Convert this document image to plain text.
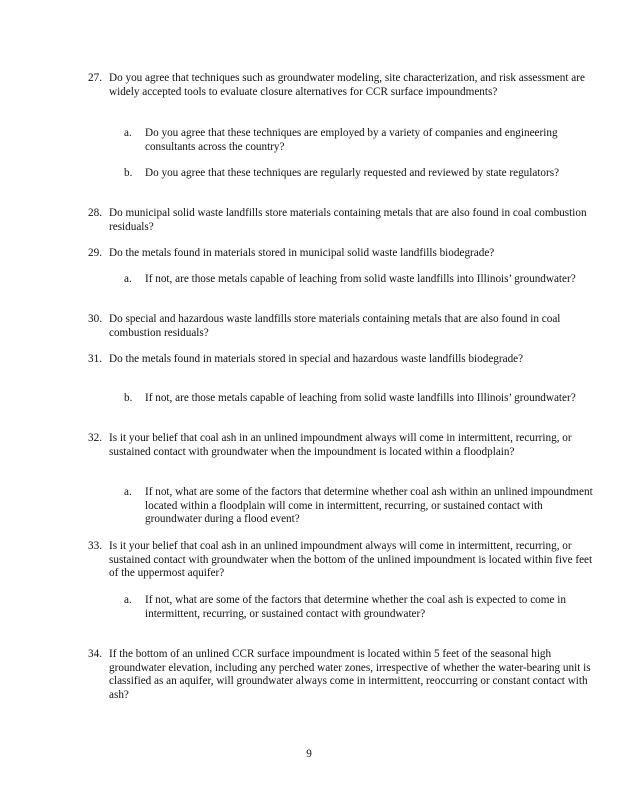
27. Do you agree that techniques such as groundwater modeling, site characterization, and risk assessment are widely accepted tools to evaluate closure alternatives for CCR surface impoundments?
a.	Do you agree that these techniques are employed by a variety of companies and engineering consultants across the country?
b.	Do you agree that these techniques are regularly requested and reviewed by state regulators?
28. Do municipal solid waste landfills store materials containing metals that are also found in coal combustion residuals?
29. Do the metals found in materials stored in municipal solid waste landfills biodegrade?
a.	If not, are those metals capable of leaching from solid waste landfills into Illinois’ groundwater?
30. Do special and hazardous waste landfills store materials containing metals that are also found in coal combustion residuals?
31. Do the metals found in materials stored in special and hazardous waste landfills biodegrade?
b.	If not, are those metals capable of leaching from solid waste landfills into Illinois’ groundwater?
32. Is it your belief that coal ash in an unlined impoundment always will come in intermittent, recurring, or sustained contact with groundwater when the impoundment is located within a floodplain?
a.	If not, what are some of the factors that determine whether coal ash within an unlined impoundment located within a floodplain will come in intermittent, recurring, or sustained contact with groundwater during a flood event?
33. Is it your belief that coal ash in an unlined impoundment always will come in intermittent, recurring, or sustained contact with groundwater when the bottom of the unlined impoundment is located within five feet of the uppermost aquifer?
a.	If not, what are some of the factors that determine whether the coal ash is expected to come in intermittent, recurring, or sustained contact with groundwater?
34. If the bottom of an unlined CCR surface impoundment is located within 5 feet of the seasonal high groundwater elevation, including any perched water zones, irrespective of whether the water-bearing unit is classified as an aquifer, will groundwater always come in intermittent, reoccurring or constant contact with ash?
9
